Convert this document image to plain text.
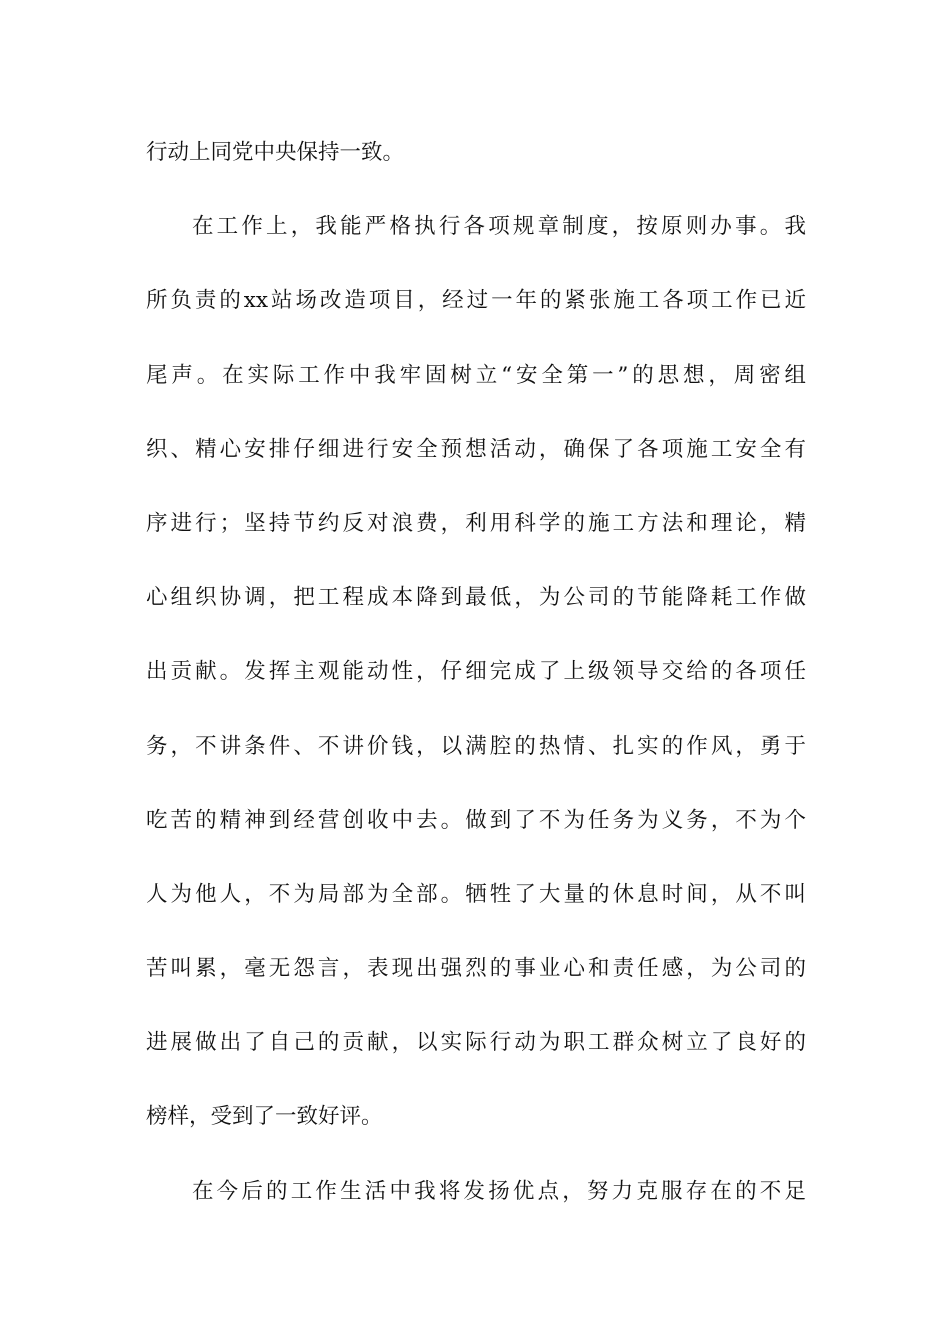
行动上同党中央保持一致。
在工作上，我能严格执行各项规章制度，按原则办事。我
所负责的xx站场改造项目，经过一年的紧张施工各项工作已近
尾声。在实际工作中我牢固树立“安全第一”的思想，周密组
织、精心安排仔细进行安全预想活动，确保了各项施工安全有
序进行；坚持节约反对浪费，利用科学的施工方法和理论，精
心组织协调，把工程成本降到最低，为公司的节能降耗工作做
出贡献。发挥主观能动性，仔细完成了上级领导交给的各项任
务，不讲条件、不讲价钱，以满腔的热情、扎实的作风，勇于
吃苦的精神到经营创收中去。做到了不为任务为义务，不为个
人为他人，不为局部为全部。牺牲了大量的休息时间，从不叫
苦叫累，毫无怨言，表现出强烈的事业心和责任感，为公司的
进展做出了自己的贡献，以实际行动为职工群众树立了良好的
榜样，受到了一致好评。
在今后的工作生活中我将发扬优点，努力克服存在的不足
